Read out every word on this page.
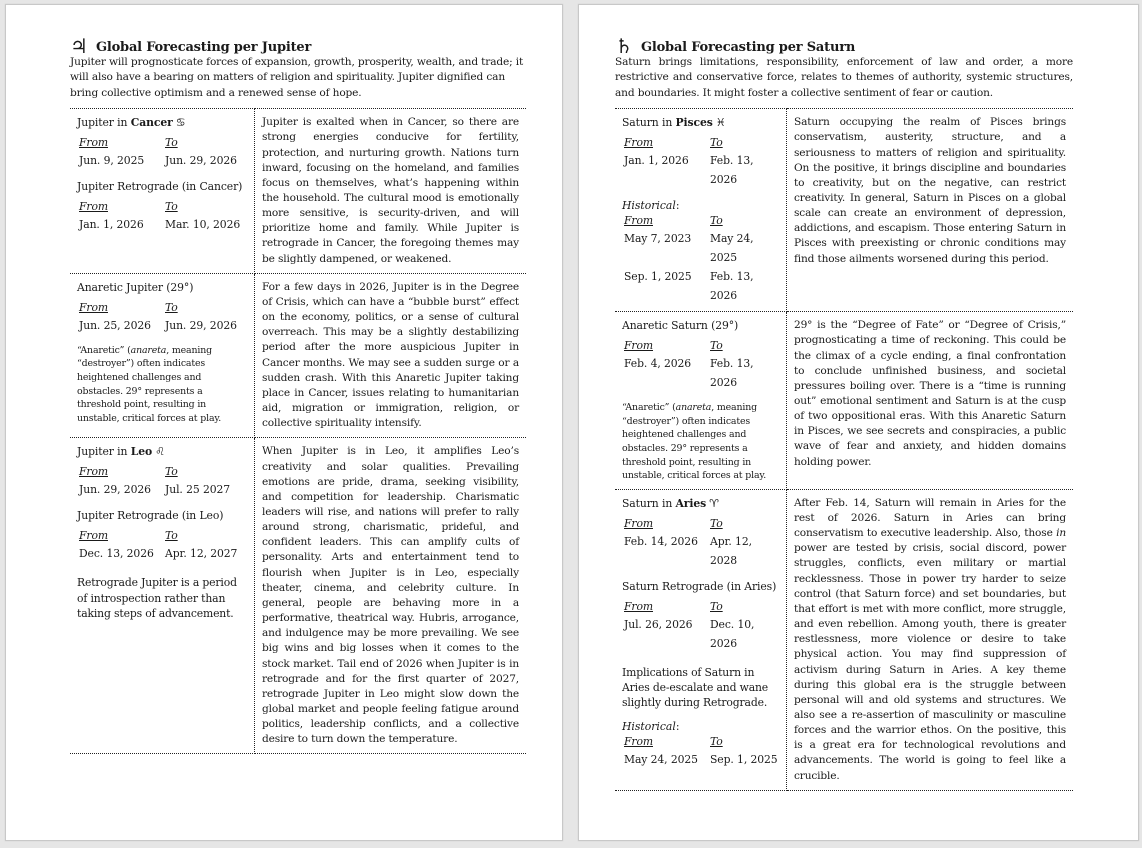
♃ Global Forecasting per Jupiter
Jupiter will prognosticate forces of expansion, growth, prosperity, wealth, and trade; it will also have a bearing on matters of religion and spirituality. Jupiter dignified can bring collective optimism and a renewed sense of hope.
Jupiter in Cancer ♋
From	To
Jun. 9, 2025	Jun. 29, 2026
Jupiter Retrograde (in Cancer)
From	To
Jan. 1, 2026	Mar. 10, 2026

Jupiter is exalted when in Cancer, so there are strong energies conducive for fertility, protection, and nurturing growth. Nations turn inward, focusing on the homeland, and families focus on themselves, what’s happening within the household. The cultural mood is emotionally more sensitive, is security-driven, and will prioritize home and family. While Jupiter is retrograde in Cancer, the foregoing themes may be slightly dampened, or weakened.

Anaretic Jupiter (29°)
From	To
Jun. 25, 2026	Jun. 29, 2026
“Anaretic” (anareta, meaning “destroyer”) often indicates heightened challenges and obstacles. 29° represents a threshold point, resulting in unstable, critical forces at play.

For a few days in 2026, Jupiter is in the Degree of Crisis, which can have a “bubble burst” effect on the economy, politics, or a sense of cultural overreach. This may be a slightly destabilizing period after the more auspicious Jupiter in Cancer months. We may see a sudden surge or a sudden crash. With this Anaretic Jupiter taking place in Cancer, issues relating to humanitarian aid, migration or immigration, religion, or collective spirituality intensify.

Jupiter in Leo ♌
From	To
Jun. 29, 2026	Jul. 25 2027
Jupiter Retrograde (in Leo)
From	To
Dec. 13, 2026	Apr. 12, 2027
Retrograde Jupiter is a period of introspection rather than taking steps of advancement.

When Jupiter is in Leo, it amplifies Leo’s creativity and solar qualities. Prevailing emotions are pride, drama, seeking visibility, and competition for leadership. Charismatic leaders will rise, and nations will prefer to rally around strong, charismatic, prideful, and confident leaders. This can amplify cults of personality. Arts and entertainment tend to flourish when Jupiter is in Leo, especially theater, cinema, and celebrity culture. In general, people are behaving more in a performative, theatrical way. Hubris, arrogance, and indulgence may be more prevailing. We see big wins and big losses when it comes to the stock market. Tail end of 2026 when Jupiter is in retrograde and for the first quarter of 2027, retrograde Jupiter in Leo might slow down the global market and people feeling fatigue around politics, leadership conflicts, and a collective desire to turn down the temperature.
♄ Global Forecasting per Saturn
Saturn brings limitations, responsibility, enforcement of law and order, a more restrictive and conservative force, relates to themes of authority, systemic structures, and boundaries. It might foster a collective sentiment of fear or caution.
Saturn in Pisces ♓
From	To
Jan. 1, 2026	Feb. 13, 2026
Historical:
From	To
May 7, 2023	May 24, 2025
Sep. 1, 2025	Feb. 13, 2026

Saturn occupying the realm of Pisces brings conservatism, austerity, structure, and a seriousness to matters of religion and spirituality. On the positive, it brings discipline and boundaries to creativity, but on the negative, can restrict creativity. In general, Saturn in Pisces on a global scale can create an environment of depression, addictions, and escapism. Those entering Saturn in Pisces with preexisting or chronic conditions may find those ailments worsened during this period.

Anaretic Saturn (29°)
From	To
Feb. 4, 2026	Feb. 13, 2026
“Anaretic” (anareta, meaning “destroyer”) often indicates heightened challenges and obstacles. 29° represents a threshold point, resulting in unstable, critical forces at play.

29° is the “Degree of Fate” or “Degree of Crisis,” prognosticating a time of reckoning. This could be the climax of a cycle ending, a final confrontation to conclude unfinished business, and societal pressures boiling over. There is a “time is running out” emotional sentiment and Saturn is at the cusp of two oppositional eras. With this Anaretic Saturn in Pisces, we see secrets and conspiracies, a public wave of fear and anxiety, and hidden domains holding power.

Saturn in Aries ♈
From	To
Feb. 14, 2026	Apr. 12, 2028
Saturn Retrograde (in Aries)
From	To
Jul. 26, 2026	Dec. 10, 2026
Implications of Saturn in Aries de-escalate and wane slightly during Retrograde.
Historical:
From	To
May 24, 2025	Sep. 1, 2025

After Feb. 14, Saturn will remain in Aries for the rest of 2026. Saturn in Aries can bring conservatism to executive leadership. Also, those in power are tested by crisis, social discord, power struggles, conflicts, even military or martial recklessness. Those in power try harder to seize control (that Saturn force) and set boundaries, but that effort is met with more conflict, more struggle, and even rebellion. Among youth, there is greater restlessness, more violence or desire to take physical action. You may find suppression of activism during Saturn in Aries. A key theme during this global era is the struggle between personal will and old systems and structures. We also see a re-assertion of masculinity or masculine forces and the warrior ethos. On the positive, this is a great era for technological revolutions and advancements. The world is going to feel like a crucible.
